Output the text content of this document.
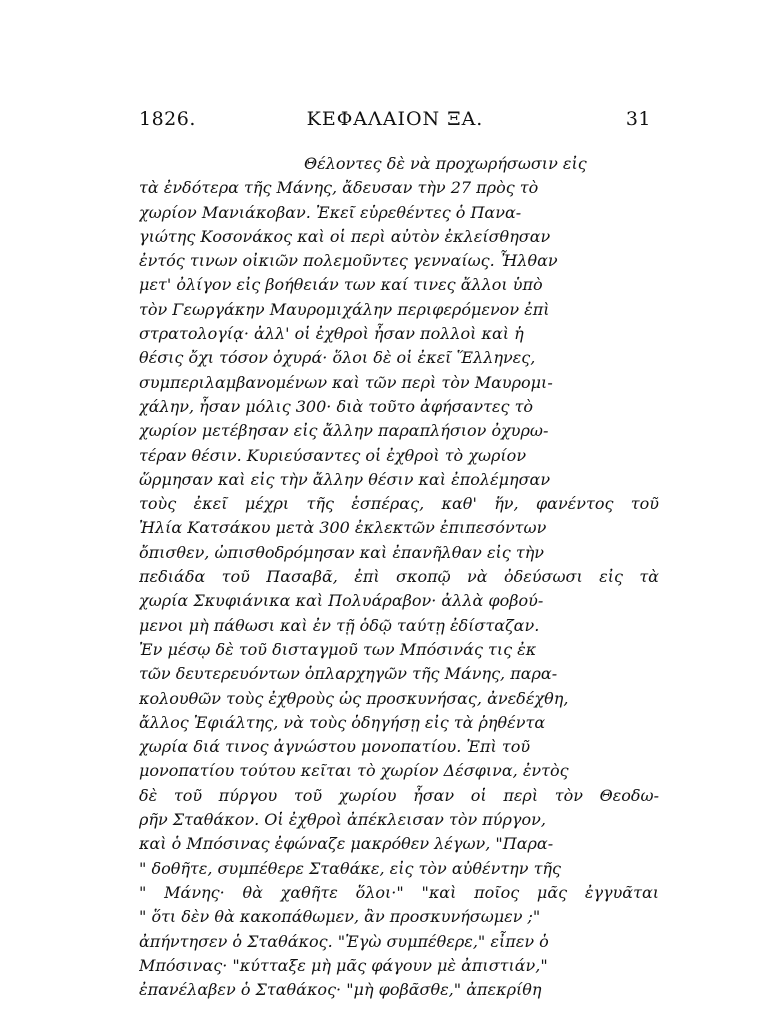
1826.	ΚΕΦΑΛΑΙΟΝ ΞΑ.	31
Θέλοντες δὲ νὰ προχωρήσωσιν εἰς
τὰ ἐνδότερα τῆς Μάνης, ἄδευσαν τὴν 27 πρὸς τὸ
χωρίον Μανιάκοβαν. Ἐκεῖ εὑρεθέντες ὁ Πανα-
γιώτης Κοσονάκος καὶ οἱ περὶ αὐτὸν ἐκλείσθησαν
ἐντός τινων οἰκιῶν πολεμοῦντες γενναίως. Ἦλθαν
μετ' ὀλίγον εἰς βοήθειάν των καί τινες ἄλλοι ὑπὸ
τὸν Γεωργάκην Μαυρομιχάλην περιφερόμενον ἐπὶ
στρατολογίᾳ· ἀλλ' οἱ ἐχθροὶ ἦσαν πολλοὶ καὶ ἡ
θέσις ὄχι τόσον ὀχυρά· ὅλοι δὲ οἱ ἐκεῖ Ἕλληνες,
συμπεριλαμβανομένων καὶ τῶν περὶ τὸν Μαυρομι-
χάλην, ἦσαν μόλις 300· διὰ τοῦτο ἀφήσαντες τὸ
χωρίον μετέβησαν εἰς ἄλλην παραπλήσιον ὀχυρω-
τέραν θέσιν. Κυριεύσαντες οἱ ἐχθροὶ τὸ χωρίον
ὥρμησαν καὶ εἰς τὴν ἄλλην θέσιν καὶ ἐπολέμησαν
τοὺς ἐκεῖ μέχρι τῆς ἑσπέρας, καθ' ἥν, φανέντος τοῦ
Ἠλία Κατσάκου μετὰ 300 ἐκλεκτῶν ἐπιπεσόντων
ὄπισθεν, ὠπισθοδρόμησαν καὶ ἐπανῆλθαν εἰς τὴν
πεδιάδα τοῦ Πασαβᾶ, ἐπὶ σκοπῷ νὰ ὀδεύσωσι εἰς τὰ
χωρία Σκυφιάνικα καὶ Πολυάραβον· ἀλλὰ φοβού-
μενοι μὴ πάθωσι καὶ ἐν τῇ ὁδῷ ταύτῃ ἐδίσταζαν.
Ἐν μέσῳ δὲ τοῦ δισταγμοῦ των Μπόσινάς τις ἐκ
τῶν δευτερευόντων ὁπλαρχηγῶν τῆς Μάνης, παρα-
κολουθῶν τοὺς ἐχθροὺς ὡς προσκυνήσας, ἀνεδέχθη,
ἄλλος Ἐφιάλτης, νὰ τοὺς ὁδηγήσῃ εἰς τὰ ῥηθέντα
χωρία διά τινος ἀγνώστου μονοπατίου. Ἐπὶ τοῦ
μονοπατίου τούτου κεῖται τὸ χωρίον Δέσφινα, ἐντὸς
δὲ τοῦ πύργου τοῦ χωρίου ἦσαν οἱ περὶ τὸν Θεοδω-
ρῆν Σταθάκον. Οἱ ἐχθροὶ ἀπέκλεισαν τὸν πύργον,
καὶ ὁ Μπόσινας ἐφώναζε μακρόθεν λέγων, "Παρα-
" δοθῆτε, συμπέθερε Σταθάκε, εἰς τὸν αὐθέντην τῆς
" Μάνης· θὰ χαθῆτε ὅλοι·" "καὶ ποῖος μᾶς ἐγγυᾶται
" ὅτι δὲν θὰ κακοπάθωμεν, ἂν προσκυνήσωμεν ;"
ἀπήντησεν ὁ Σταθάκος. "Ἐγὼ συμπέθερε," εἶπεν ὁ
Μπόσινας· "κύτταξε μὴ μᾶς φάγουν μὲ ἀπιστιάν,"
ἐπανέλαβεν ὁ Σταθάκος· "μὴ φοβᾶσθε," ἀπεκρίθη
